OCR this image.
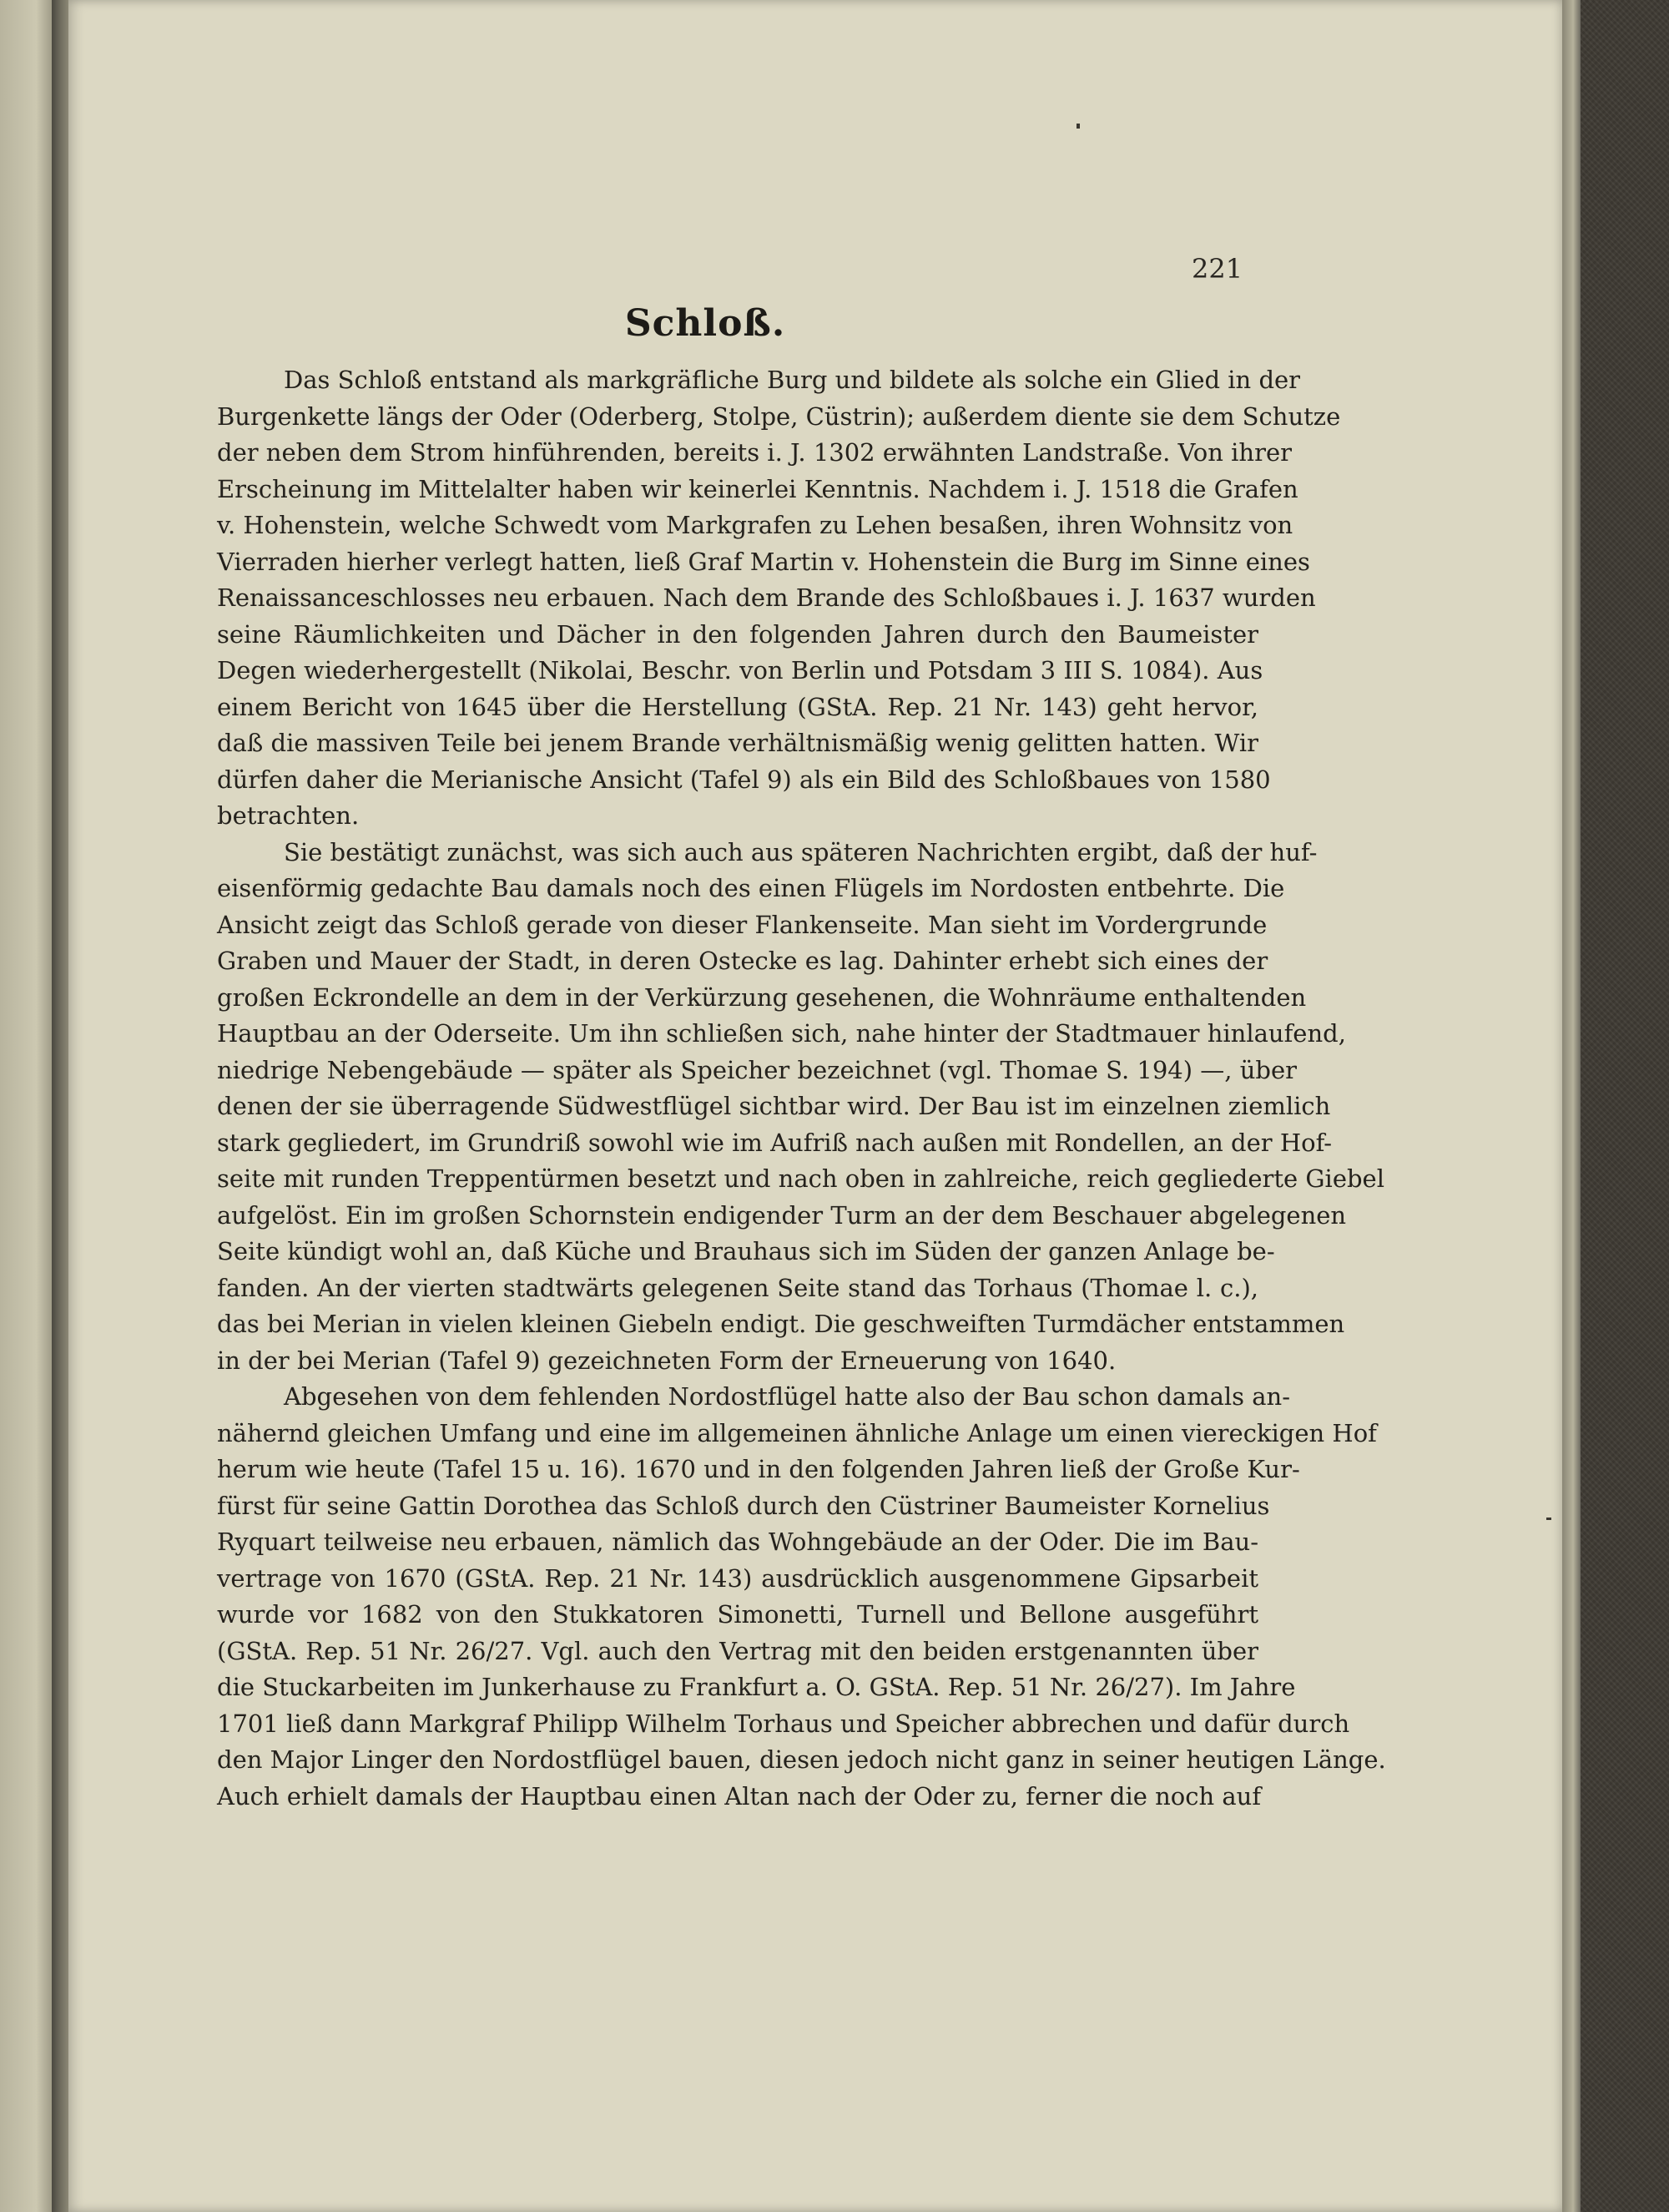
221
Schloß.
Das Schloß entstand als markgräfliche Burg und bildete als solche ein Glied in der
Burgenkette längs der Oder (Oderberg, Stolpe, Cüstrin); außerdem diente sie dem Schutze
der neben dem Strom hinführenden, bereits i. J. 1302 erwähnten Landstraße. Von ihrer
Erscheinung im Mittelalter haben wir keinerlei Kenntnis. Nachdem i. J. 1518 die Grafen
v. Hohenstein, welche Schwedt vom Markgrafen zu Lehen besaßen, ihren Wohnsitz von
Vierraden hierher verlegt hatten, ließ Graf Martin v. Hohenstein die Burg im Sinne eines
Renaissanceschlosses neu erbauen. Nach dem Brande des Schloßbaues i. J. 1637 wurden
seine Räumlichkeiten und Dächer in den folgenden Jahren durch den Baumeister
Degen wiederhergestellt (Nikolai, Beschr. von Berlin und Potsdam 3 III S. 1084). Aus
einem Bericht von 1645 über die Herstellung (GStA. Rep. 21 Nr. 143) geht hervor,
daß die massiven Teile bei jenem Brande verhältnismäßig wenig gelitten hatten. Wir
dürfen daher die Merianische Ansicht (Tafel 9) als ein Bild des Schloßbaues von 1580
betrachten.
Sie bestätigt zunächst, was sich auch aus späteren Nachrichten ergibt, daß der huf-
eisenförmig gedachte Bau damals noch des einen Flügels im Nordosten entbehrte. Die
Ansicht zeigt das Schloß gerade von dieser Flankenseite. Man sieht im Vordergrunde
Graben und Mauer der Stadt, in deren Ostecke es lag. Dahinter erhebt sich eines der
großen Eckrondelle an dem in der Verkürzung gesehenen, die Wohnräume enthaltenden
Hauptbau an der Oderseite. Um ihn schließen sich, nahe hinter der Stadtmauer hinlaufend,
niedrige Nebengebäude — später als Speicher bezeichnet (vgl. Thomae S. 194) —, über
denen der sie überragende Südwestflügel sichtbar wird. Der Bau ist im einzelnen ziemlich
stark gegliedert, im Grundriß sowohl wie im Aufriß nach außen mit Rondellen, an der Hof-
seite mit runden Treppentürmen besetzt und nach oben in zahlreiche, reich gegliederte Giebel
aufgelöst. Ein im großen Schornstein endigender Turm an der dem Beschauer abgelegenen
Seite kündigt wohl an, daß Küche und Brauhaus sich im Süden der ganzen Anlage be-
fanden. An der vierten stadtwärts gelegenen Seite stand das Torhaus (Thomae l. c.),
das bei Merian in vielen kleinen Giebeln endigt. Die geschweiften Turmdächer entstammen
in der bei Merian (Tafel 9) gezeichneten Form der Erneuerung von 1640.
Abgesehen von dem fehlenden Nordostflügel hatte also der Bau schon damals an-
nähernd gleichen Umfang und eine im allgemeinen ähnliche Anlage um einen viereckigen Hof
herum wie heute (Tafel 15 u. 16). 1670 und in den folgenden Jahren ließ der Große Kur-
fürst für seine Gattin Dorothea das Schloß durch den Cüstriner Baumeister Kornelius
Ryquart teilweise neu erbauen, nämlich das Wohngebäude an der Oder. Die im Bau-
vertrage von 1670 (GStA. Rep. 21 Nr. 143) ausdrücklich ausgenommene Gipsarbeit
wurde vor 1682 von den Stukkatoren Simonetti, Turnell und Bellone ausgeführt
(GStA. Rep. 51 Nr. 26/27. Vgl. auch den Vertrag mit den beiden erstgenannten über
die Stuckarbeiten im Junkerhause zu Frankfurt a. O. GStA. Rep. 51 Nr. 26/27). Im Jahre
1701 ließ dann Markgraf Philipp Wilhelm Torhaus und Speicher abbrechen und dafür durch
den Major Linger den Nordostflügel bauen, diesen jedoch nicht ganz in seiner heutigen Länge.
Auch erhielt damals der Hauptbau einen Altan nach der Oder zu, ferner die noch auf
